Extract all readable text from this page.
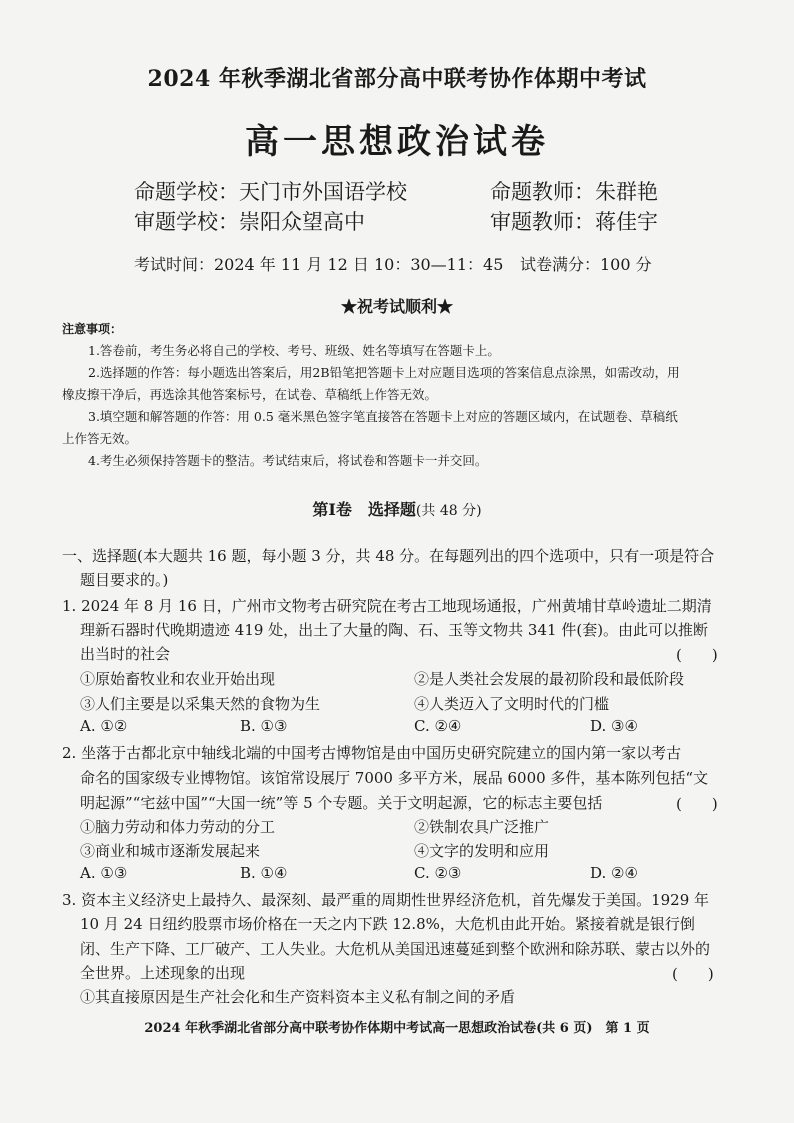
2024 年秋季湖北省部分高中联考协作体期中考试
高一思想政治试卷
命题学校：天门市外国语学校	命题教师：朱群艳
审题学校：崇阳众望高中	审题教师：蒋佳宇
考试时间：2024 年 11 月 12 日 10：30—11：45 试卷满分：100 分
★祝考试顺利★
注意事项：
1.答卷前，考生务必将自己的学校、考号、班级、姓名等填写在答题卡上。
2.选择题的作答：每小题选出答案后，用2B铅笔把答题卡上对应题目选项的答案信息点涂黑，如需改动，用
橡皮擦干净后，再选涂其他答案标号，在试卷、草稿纸上作答无效。
3.填空题和解答题的作答：用 0.5 毫米黑色签字笔直接答在答题卡上对应的答题区域内，在试题卷、草稿纸
上作答无效。
4.考生必须保持答题卡的整洁。考试结束后，将试卷和答题卡一并交回。
第Ⅰ卷　选择题(共 48 分)
一、选择题(本大题共 16 题，每小题 3 分，共 48 分。在每题列出的四个选项中，只有一项是符合
题目要求的。)
1. 2024 年 8 月 16 日，广州市文物考古研究院在考古工地现场通报，广州黄埔甘草岭遗址二期清
理新石器时代晚期遗迹 419 处，出土了大量的陶、石、玉等文物共 341 件(套)。由此可以推断
出当时的社会	(　　)
①原始畜牧业和农业开始出现	②是人类社会发展的最初阶段和最低阶段
③人们主要是以采集天然的食物为生	④人类迈入了文明时代的门槛
A. ①②	B. ①③	C. ②④	D. ③④
2. 坐落于古都北京中轴线北端的中国考古博物馆是由中国历史研究院建立的国内第一家以考古
命名的国家级专业博物馆。该馆常设展厅 7000 多平方米，展品 6000 多件，基本陈列包括“文
明起源”“宅兹中国”“大国一统”等 5 个专题。关于文明起源，它的标志主要包括	(　　)
①脑力劳动和体力劳动的分工	②铁制农具广泛推广
③商业和城市逐渐发展起来	④文字的发明和应用
A. ①③	B. ①④	C. ②③	D. ②④
3. 资本主义经济史上最持久、最深刻、最严重的周期性世界经济危机，首先爆发于美国。1929 年
10 月 24 日纽约股票市场价格在一天之内下跌 12.8%，大危机由此开始。紧接着就是银行倒
闭、生产下降、工厂破产、工人失业。大危机从美国迅速蔓延到整个欧洲和除苏联、蒙古以外的
全世界。上述现象的出现	(　　)
①其直接原因是生产社会化和生产资料资本主义私有制之间的矛盾
2024 年秋季湖北省部分高中联考协作体期中考试高一思想政治试卷(共 6 页)　第 1 页
